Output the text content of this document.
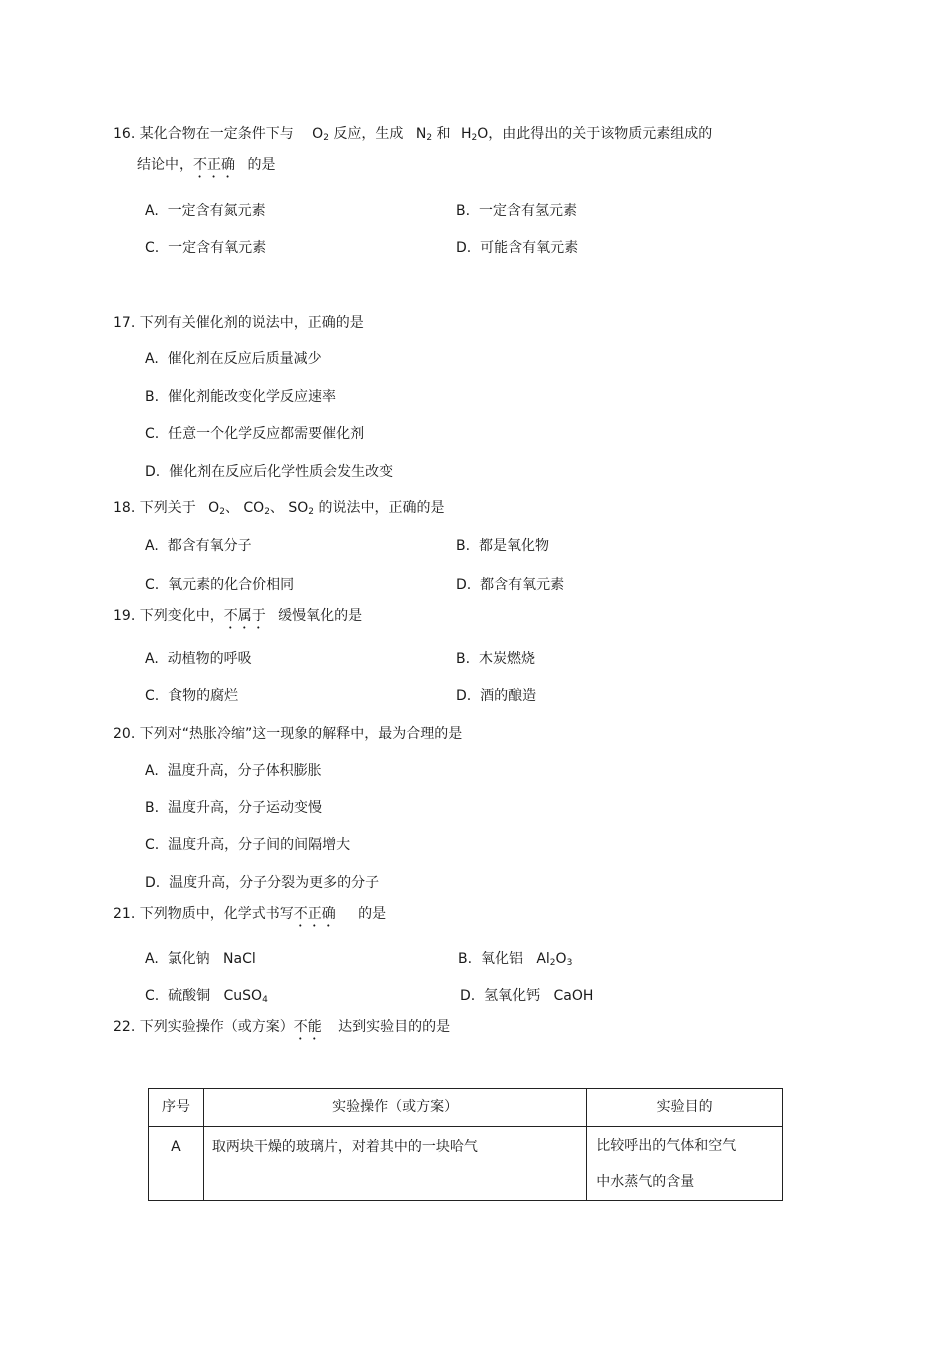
16. 某化合物在一定条件下与 $O_2$ 反应，生成 $N_2$ 和 $H_2O$，由此得出的关于该物质元素组成的
结论中，不正确 的是
A. 一定含有氮元素	B. 一定含有氢元素
C. 一定含有氧元素	D. 可能含有氧元素
17. 下列有关催化剂的说法中，正确的是
A. 催化剂在反应后质量减少
B. 催化剂能改变化学反应速率
C. 任意一个化学反应都需要催化剂
D. 催化剂在反应后化学性质会发生改变
18. 下列关于 $O_2$、 $CO_2$、 $SO_2$ 的说法中，正确的是
A. 都含有氧分子	B. 都是氧化物
C. 氧元素的化合价相同	D. 都含有氧元素
19. 下列变化中，不属于 缓慢氧化的是
A. 动植物的呼吸	B. 木炭燃烧
C. 食物的腐烂	D. 酒的酿造
20. 下列对“热胀冷缩”这一现象的解释中，最为合理的是
A. 温度升高，分子体积膨胀
B. 温度升高，分子运动变慢
C. 温度升高，分子间的间隔增大
D. 温度升高，分子分裂为更多的分子
21. 下列物质中，化学式书写不正确 的是
A. 氯化钠 NaCl	B. 氧化铝 $Al_2O_3$
C. 硫酸铜 CuSO$_4$	D. 氢氧化钙 CaOH
22. 下列实验操作（或方案）不能 达到实验目的的是
序号	实验操作（或方案）	实验目的
A	取两块干燥的玻璃片，对着其中的一块哈气	比较呼出的气体和空气
中水蒸气的含量
